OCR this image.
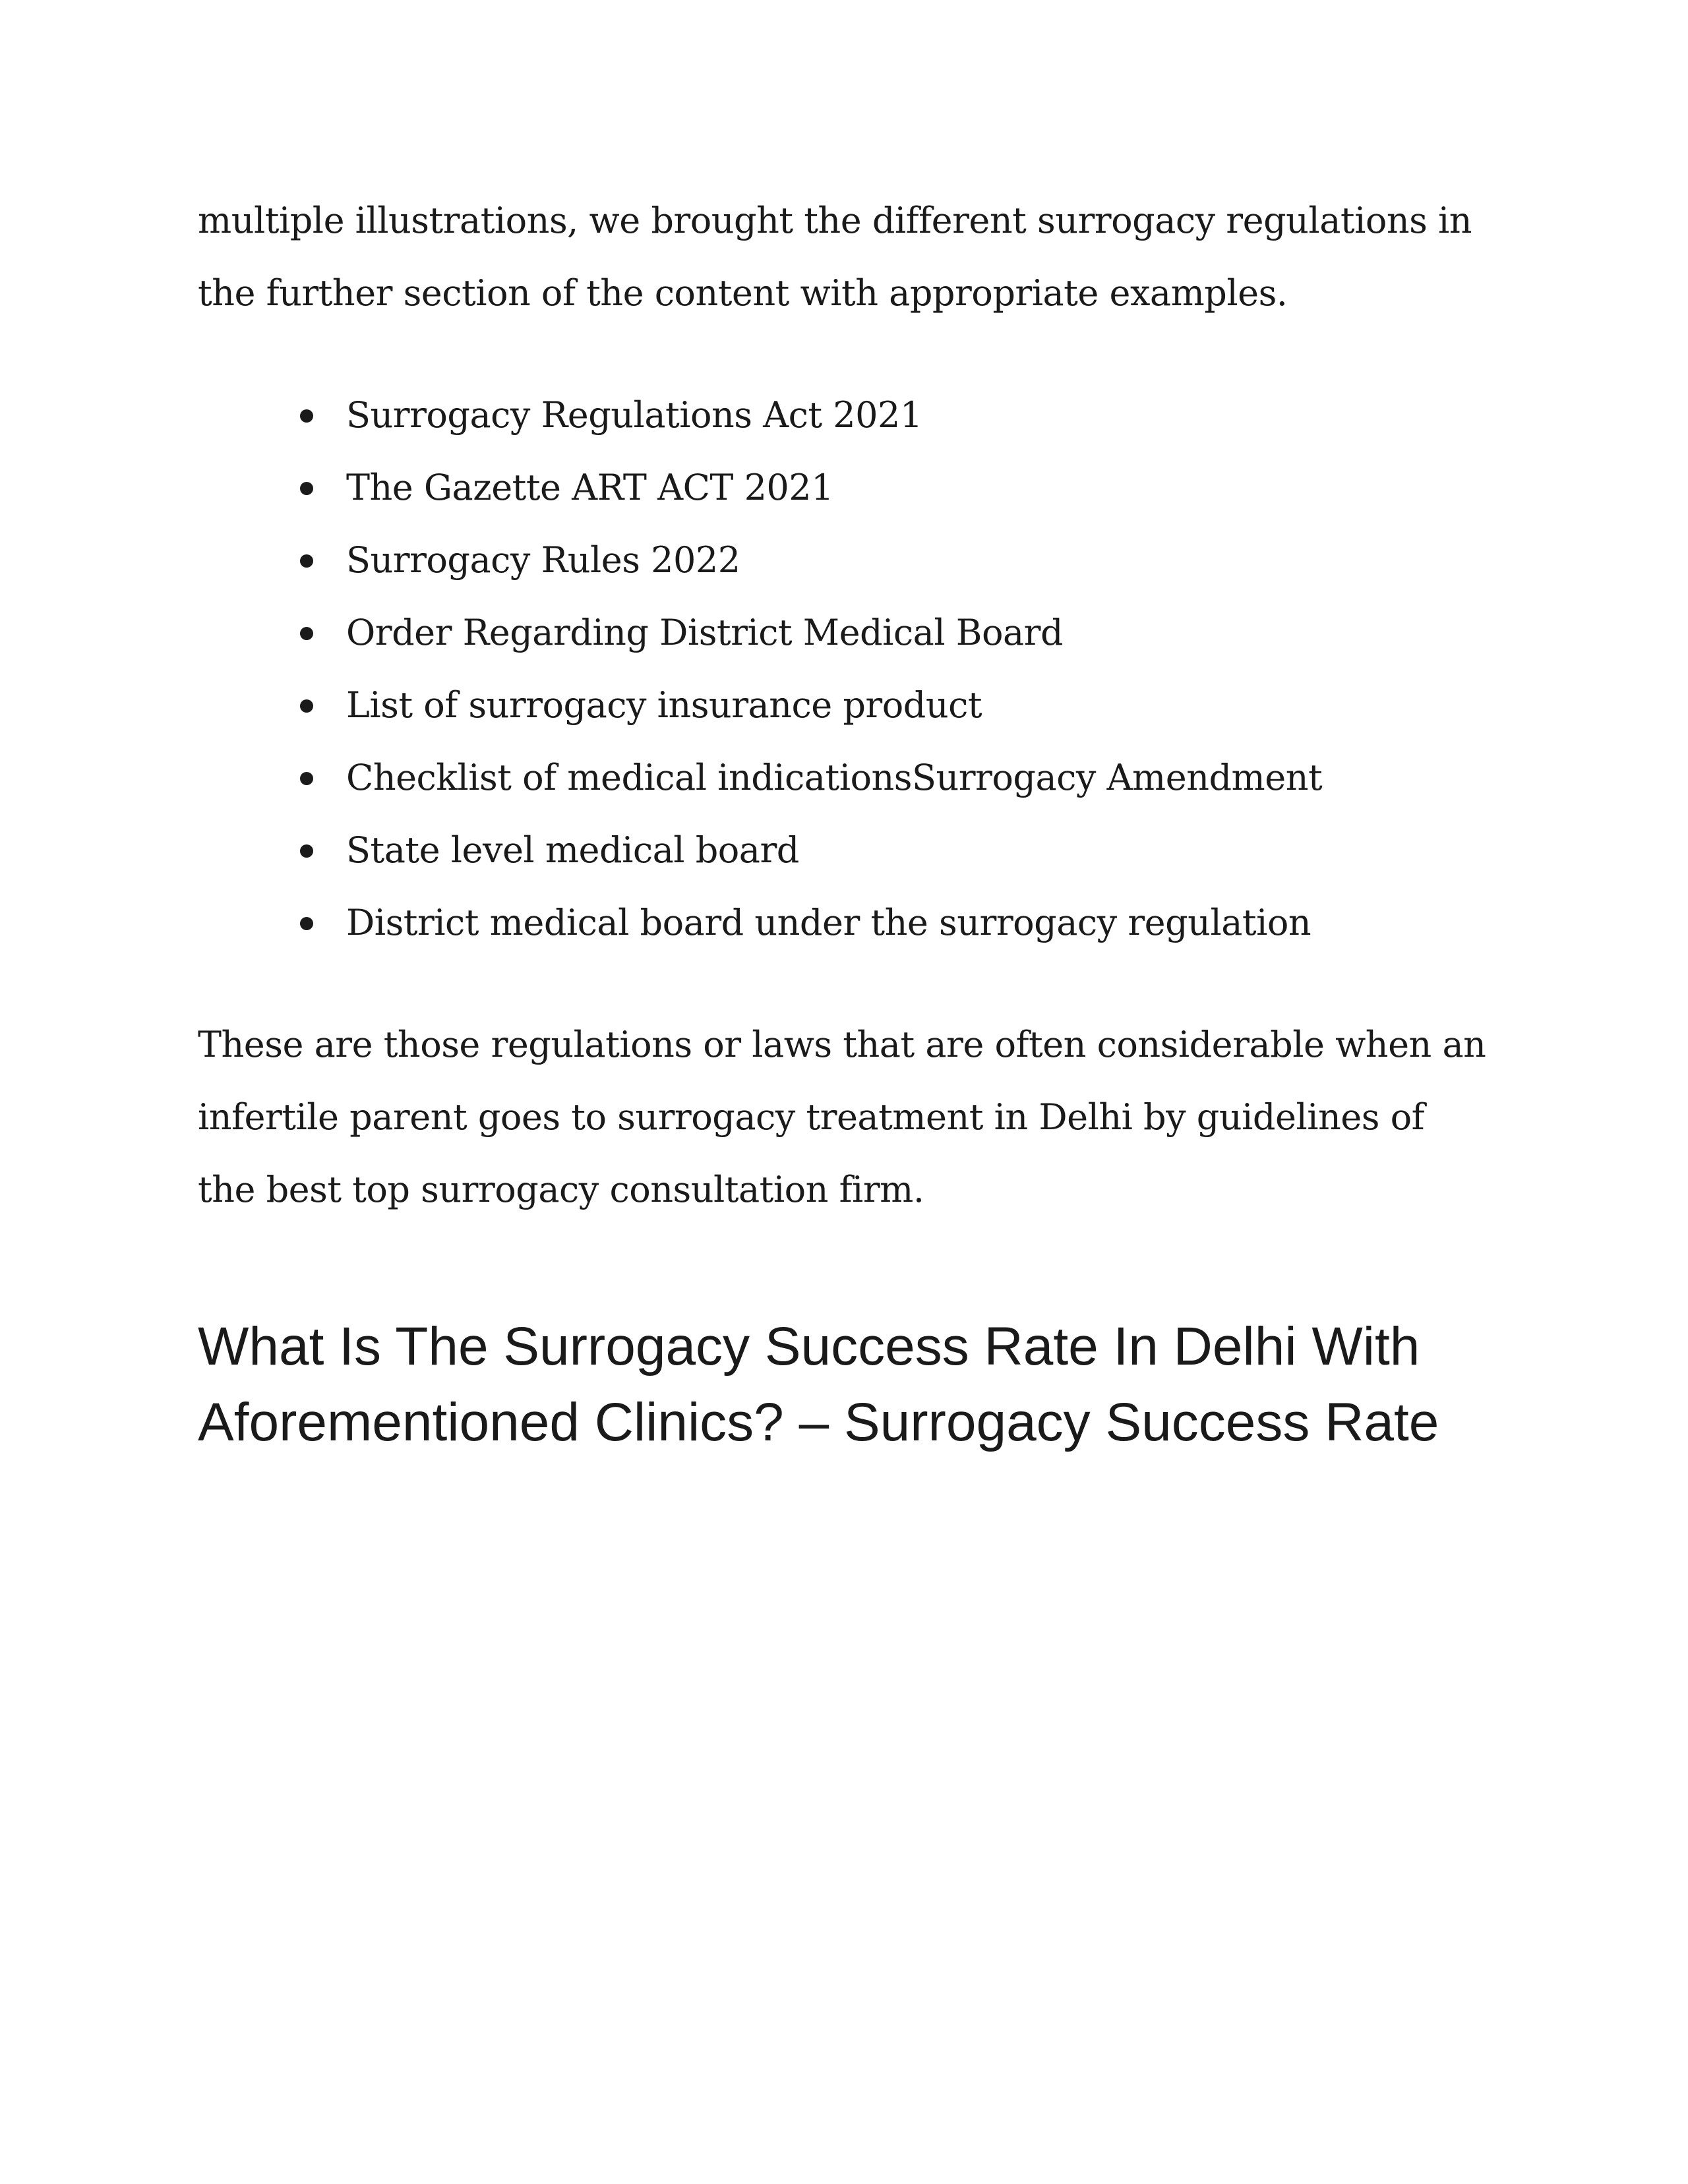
multiple illustrations, we brought the different surrogacy regulations in the further section of the content with appropriate examples.

Surrogacy Regulations Act 2021
The Gazette ART ACT 2021
Surrogacy Rules 2022
Order Regarding District Medical Board
List of surrogacy insurance product
Checklist of medical indicationsSurrogacy Amendment
State level medical board
District medical board under the surrogacy regulation

These are those regulations or laws that are often considerable when an infertile parent goes to surrogacy treatment in Delhi by guidelines of the best top surrogacy consultation firm.

What Is The Surrogacy Success Rate In Delhi With Aforementioned Clinics? – Surrogacy Success Rate
